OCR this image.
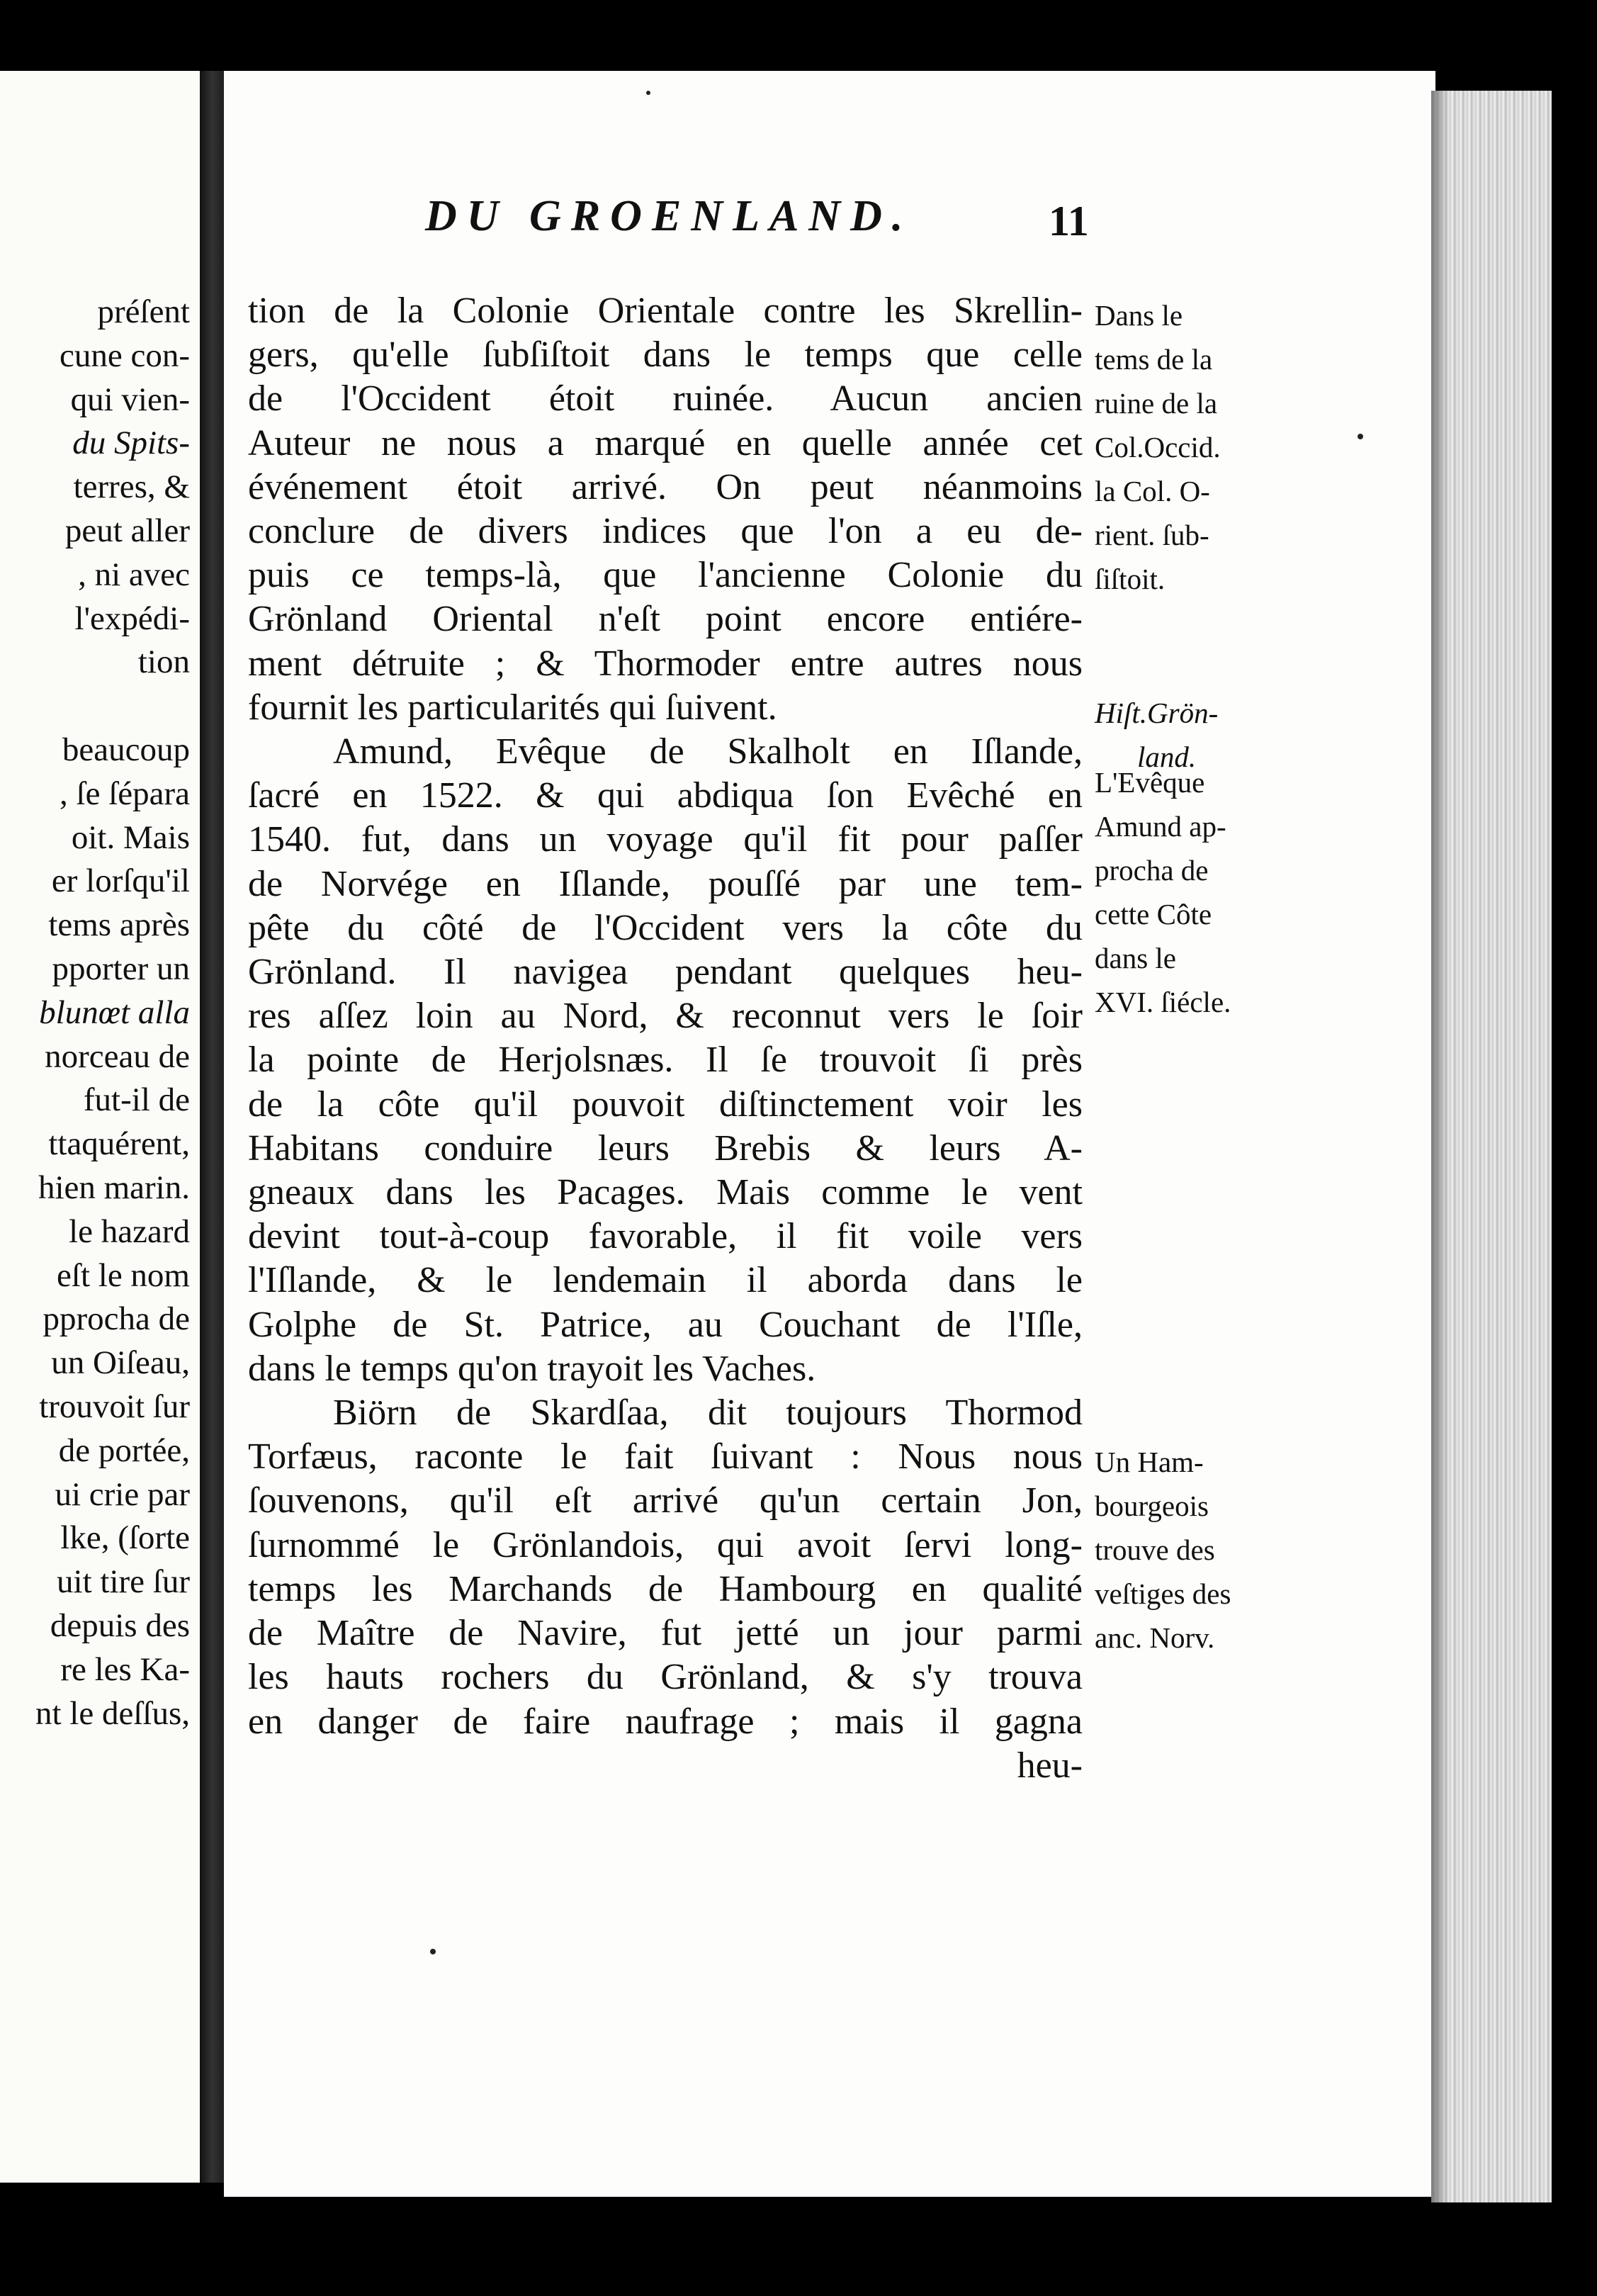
préſent
cune con-
qui vien-
du Spits-
terres, &
peut aller
, ni avec
l'expédi-
tion
beaucoup
, ſe ſépara
oit. Mais
er lorſqu'il
tems après
pporter un
blunœt alla
norceau de
fut-il de
ttaquérent,
hien marin.
le hazard
eſt le nom
pprocha de
un Oiſeau,
trouvoit ſur
de portée,
ui crie par
lke, (ſorte
uit tire ſur
depuis des
re les Ka-
nt le deſſus,
DU GROENLAND.	11
tion de la Colonie Orientale contre les Skrellin-
gers, qu'elle ſubſiſtoit dans le temps que celle
de l'Occident étoit ruinée. Aucun ancien
Auteur ne nous a marqué en quelle année cet
événement étoit arrivé. On peut néanmoins
conclure de divers indices que l'on a eu de-
puis ce temps-là, que l'ancienne Colonie du
Grönland Oriental n'eſt point encore entiére-
ment détruite ; & Thormoder entre autres nous
fournit les particularités qui ſuivent.
Amund, Evêque de Skalholt en Iſlande,
ſacré en 1522. & qui abdiqua ſon Evêché en
1540. fut, dans un voyage qu'il fit pour paſſer
de Norvége en Iſlande, pouſſé par une tem-
pête du côté de l'Occident vers la côte du
Grönland. Il navigea pendant quelques heu-
res aſſez loin au Nord, & reconnut vers le ſoir
la pointe de Herjolsnæs. Il ſe trouvoit ſi près
de la côte qu'il pouvoit diſtinctement voir les
Habitans conduire leurs Brebis & leurs A-
gneaux dans les Pacages. Mais comme le vent
devint tout-à-coup favorable, il fit voile vers
l'Iſlande, & le lendemain il aborda dans le
Golphe de St. Patrice, au Couchant de l'Iſle,
dans le temps qu'on trayoit les Vaches.
Biörn de Skardſaa, dit toujours Thormod
Torfæus, raconte le fait ſuivant : Nous nous
ſouvenons, qu'il eſt arrivé qu'un certain Jon,
ſurnommé le Grönlandois, qui avoit ſervi long-
temps les Marchands de Hambourg en qualité
de Maître de Navire, fut jetté un jour parmi
les hauts rochers du Grönland, & s'y trouva
en danger de faire naufrage ; mais il gagna
heu-
Dans le
tems de la
ruine de la
Col.Occid.
la Col. O-
rient. ſub-
ſiſtoit.
Hiſt.Grön-
land.
L'Evêque
Amund ap-
procha de
cette Côte
dans le
XVI. ſiécle.
Un Ham-
bourgeois
trouve des
veſtiges des
anc. Norv.
